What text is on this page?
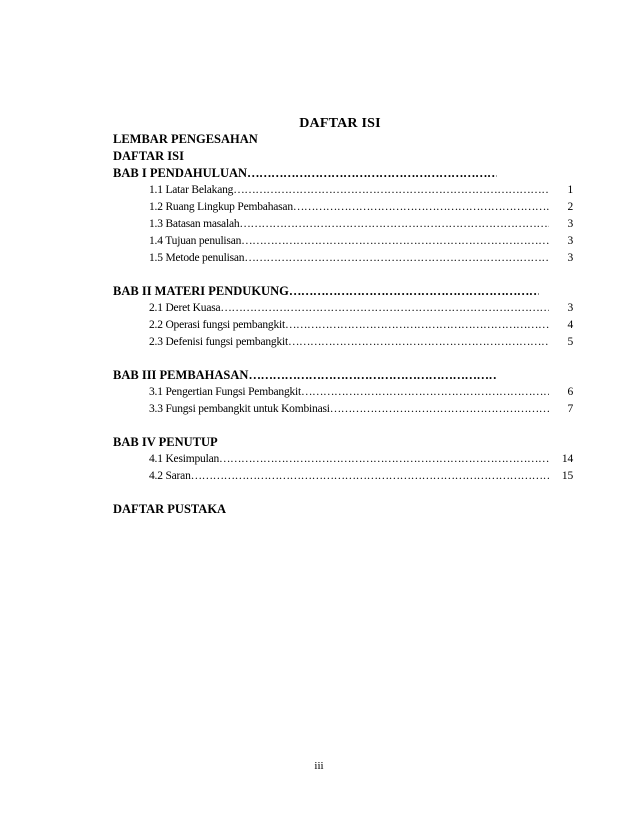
DAFTAR ISI
LEMBAR PENGESAHAN
DAFTAR ISI
BAB I PENDAHULUAN
……………………………………………………………………………………………………………………
1.1 Latar Belakang ……………………………………………………………………………………………………………………	1
1.2 Ruang Lingkup Pembahasan ……………………………………………………………………………………………………………………	2
1.3 Batasan masalah ……………………………………………………………………………………………………………………	3
1.4 Tujuan penulisan ……………………………………………………………………………………………………………………	3
1.5 Metode penulisan ……………………………………………………………………………………………………………………	3
BAB II MATERI PENDUKUNG
……………………………………………………………………………………………………………………
2.1 Deret Kuasa ……………………………………………………………………………………………………………………	3
2.2 Operasi fungsi pembangkit ……………………………………………………………………………………………………………………	4
2.3 Defenisi fungsi pembangkit ……………………………………………………………………………………………………………………	5
BAB III PEMBAHASAN
……………………………………………………………………………………………………………………
3.1 Pengertian Fungsi Pembangkit ……………………………………………………………………………………………………………………	6
3.3 Fungsi pembangkit untuk Kombinasi ……………………………………………………………………………………………………………………	7
BAB IV PENUTUP
4.1 Kesimpulan ……………………………………………………………………………………………………………………	14
4.2 Saran ……………………………………………………………………………………………………………………	15
DAFTAR PUSTAKA
iii
